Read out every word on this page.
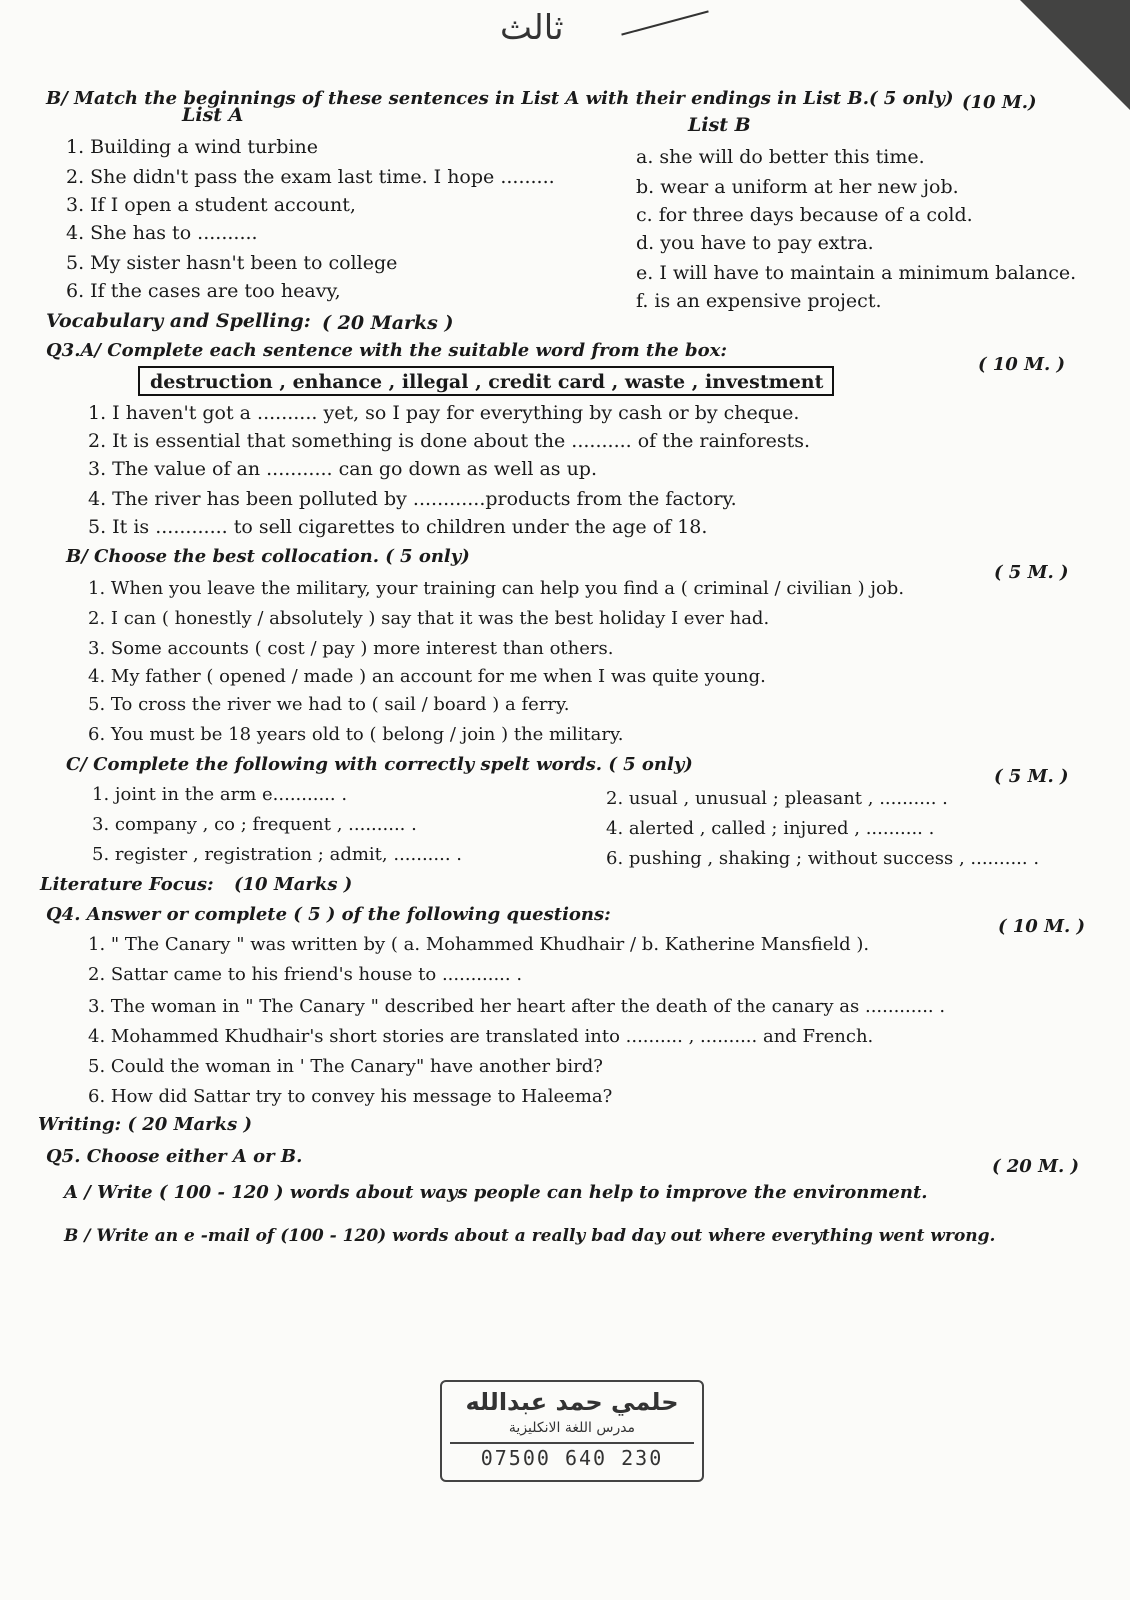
ثالث
B/ Match the beginnings of these sentences in List A with their endings in List B.( 5 only) (10 M.)
List A	List B
1. Building a wind turbine
2. She didn't pass the exam last time. I hope .........
3. If I open a student account,
4. She has to ..........
5. My sister hasn't been to college
6. If the cases are too heavy,
a. she will do better this time.
b. wear a uniform at her new job.
c. for three days because of a cold.
d. you have to pay extra.
e. I will have to maintain a minimum balance.
f. is an expensive project.
Vocabulary and Spelling: ( 20 Marks )
Q3.A/ Complete each sentence with the suitable word from the box:
( 10 M. )
destruction , enhance , illegal , credit card , waste , investment
1. I haven't got a .......... yet, so I pay for everything by cash or by cheque.
2. It is essential that something is done about the .......... of the rainforests.
3. The value of an ........... can go down as well as up.
4. The river has been polluted by ............products from the factory.
5. It is ............ to sell cigarettes to children under the age of 18.
B/ Choose the best collocation. ( 5 only)
( 5 M. )
1. When you leave the military, your training can help you find a ( criminal / civilian ) job.
2. I can ( honestly / absolutely ) say that it was the best holiday I ever had.
3. Some accounts ( cost / pay ) more interest than others.
4. My father ( opened / made ) an account for me when I was quite young.
5. To cross the river we had to ( sail / board ) a ferry.
6. You must be 18 years old to ( belong / join ) the military.
C/ Complete the following with correctly spelt words. ( 5 only)
( 5 M. )
1. joint in the arm e........... .	2. usual , unusual ; pleasant , .......... .
3. company , co ; frequent , .......... .	4. alerted , called ; injured , .......... .
5. register , registration ; admit, .......... .	6. pushing , shaking ; without success , .......... .
Literature Focus: (10 Marks )
Q4. Answer or complete ( 5 ) of the following questions:
( 10 M. )
1. " The Canary " was written by ( a. Mohammed Khudhair / b. Katherine Mansfield ).
2. Sattar came to his friend's house to ............ .
3. The woman in " The Canary " described her heart after the death of the canary as ............ .
4. Mohammed Khudhair's short stories are translated into .......... , .......... and French.
5. Could the woman in ' The Canary" have another bird?
6. How did Sattar try to convey his message to Haleema?
Writing: ( 20 Marks )
Q5. Choose either A or B.	( 20 M. )
A / Write ( 100 - 120 ) words about ways people can help to improve the environment.
B / Write an e -mail of (100 - 120) words about a really bad day out where everything went wrong.
حلمي حمد عبدالله
مدرس اللغة الانكليزية
07500 640 230
